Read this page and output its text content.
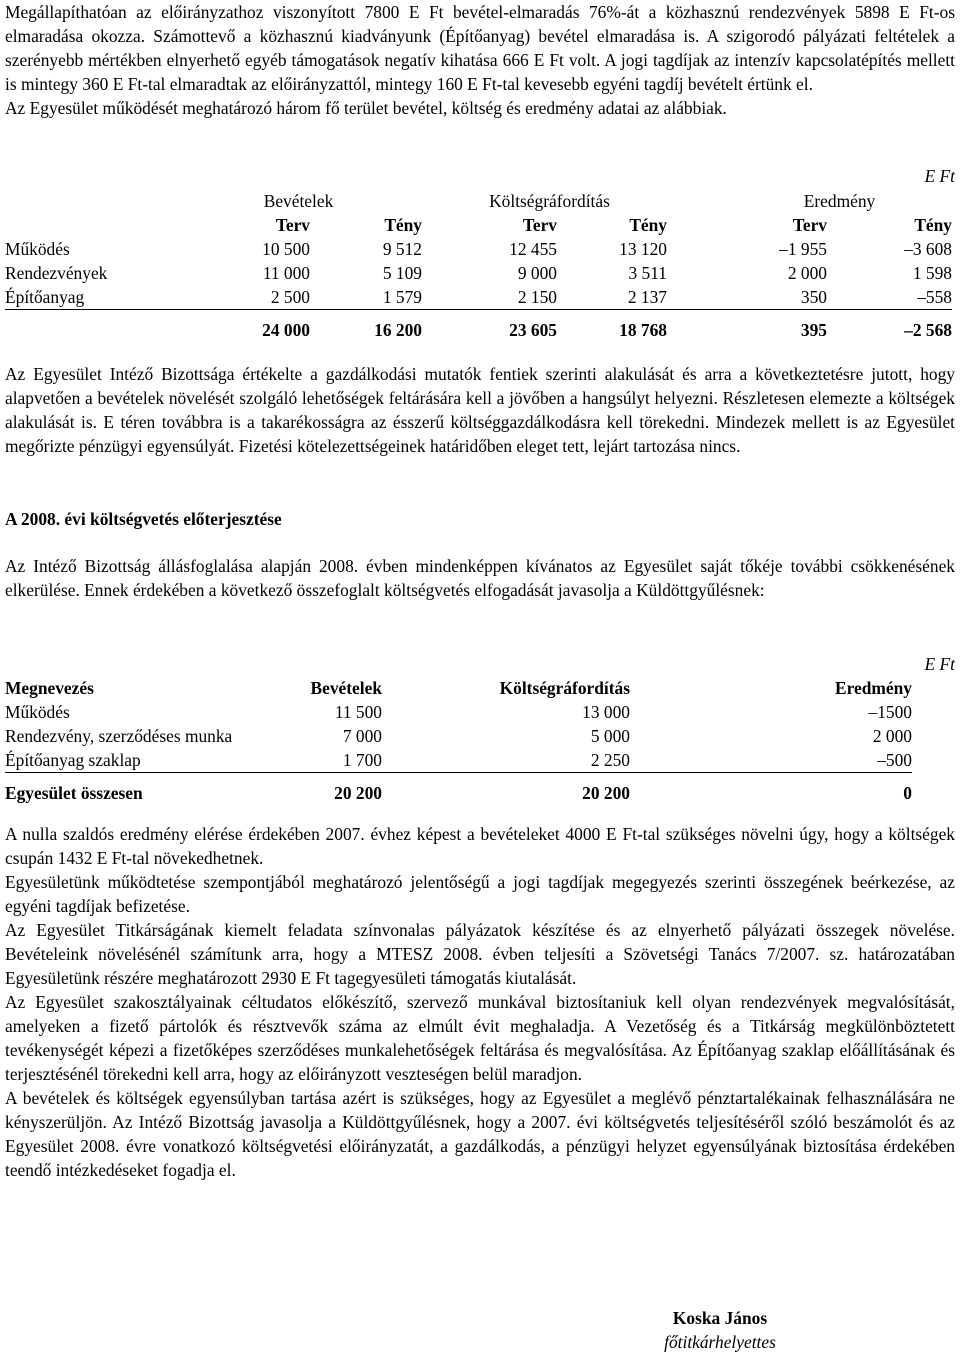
Megállapíthatóan az előirányzathoz viszonyított 7800 E Ft bevétel-elmaradás 76%-át a közhasznú rendezvények 5898 E Ft-os elmaradása okozza. Számottevő a közhasznú kiadványunk (Építőanyag) bevétel elmaradása is. A szigorodó pályázati feltételek a szerényebb mértékben elnyerhető egyéb támogatások negatív kihatása 666 E Ft volt. A jogi tagdíjak az intenzív kapcsolatépítés mellett is mintegy 360 E Ft-tal elmaradtak az előirányzattól, mintegy 160 E Ft-tal kevesebb egyéni tagdíj bevételt értünk el.

Az Egyesület működését meghatározó három fő terület bevétel, költség és eredmény adatai az alábbiak.

E Ft
	Bevételek		Költségráfordítás		Eredmény	
	Terv	Tény	Terv	Tény	Terv	Tény
Működés	10 500	9 512	12 455	13 120	–1 955	–3 608
Rendezvények	11 000	5 109	9 000	3 511	2 000	1 598
Építőanyag	2 500	1 579	2 150	2 137	350	–558
	24 000	16 200	23 605	18 768	395	–2 568

Az Egyesület Intéző Bizottsága értékelte a gazdálkodási mutatók fentiek szerinti alakulását és arra a következtetésre jutott, hogy alapvetően a bevételek növelését szolgáló lehetőségek feltárására kell a jövőben a hangsúlyt helyezni. Részletesen elemezte a költségek alakulását is. E téren továbbra is a takarékosságra az ésszerű költséggazdálkodásra kell törekedni. Mindezek mellett is az Egyesület megőrizte pénzügyi egyensúlyát. Fizetési kötelezettségeinek határidőben eleget tett, lejárt tartozása nincs.

A 2008. évi költségvetés előterjesztése

Az Intéző Bizottság állásfoglalása alapján 2008. évben mindenképpen kívánatos az Egyesület saját tőkéje további csökkenésének elkerülése. Ennek érdekében a következő összefoglalt költségvetés elfogadását javasolja a Küldöttgyűlésnek:

E Ft
Megnevezés	Bevételek	Költségráfordítás	Eredmény
Működés	11 500	13 000	–1500
Rendezvény, szerződéses munka	7 000	5 000	2 000
Építőanyag szaklap	1 700	2 250	–500
Egyesület összesen	20 200	20 200	0

A nulla szaldós eredmény elérése érdekében 2007. évhez képest a bevételeket 4000 E Ft-tal szükséges növelni úgy, hogy a költségek csupán 1432 E Ft-tal növekedhetnek.

Egyesületünk működtetése szempontjából meghatározó jelentőségű a jogi tagdíjak megegyezés szerinti összegének beérkezése, az egyéni tagdíjak befizetése.

Az Egyesület Titkárságának kiemelt feladata színvonalas pályázatok készítése és az elnyerhető pályázati összegek növelése. Bevételeink növelésénél számítunk arra, hogy a MTESZ 2008. évben teljesíti a Szövetségi Tanács 7/2007. sz. határozatában Egyesületünk részére meghatározott 2930 E Ft tagegyesületi támogatás kiutalását.

Az Egyesület szakosztályainak céltudatos előkészítő, szervező munkával biztosítaniuk kell olyan rendezvények megvalósítását, amelyeken a fizető pártolók és résztvevők száma az elmúlt évit meghaladja. A Vezetőség és a Titkárság megkülönböztetett tevékenységét képezi a fizetőképes szerződéses munkalehetőségek feltárása és megvalósítása. Az Építőanyag szaklap előállításának és terjesztésénél törekedni kell arra, hogy az előirányzott veszteségen belül maradjon.

A bevételek és költségek egyensúlyban tartása azért is szükséges, hogy az Egyesület a meglévő pénztartalékainak felhasználására ne kényszerüljön. Az Intéző Bizottság javasolja a Küldöttgyűlésnek, hogy a 2007. évi költségvetés teljesítéséről szóló beszámolót és az Egyesület 2008. évre vonatkozó költségvetési előirányzatát, a gazdálkodás, a pénzügyi helyzet egyensúlyának biztosítása érdekében teendő intézkedéseket fogadja el.

Koska János
főtitkárhelyettes
